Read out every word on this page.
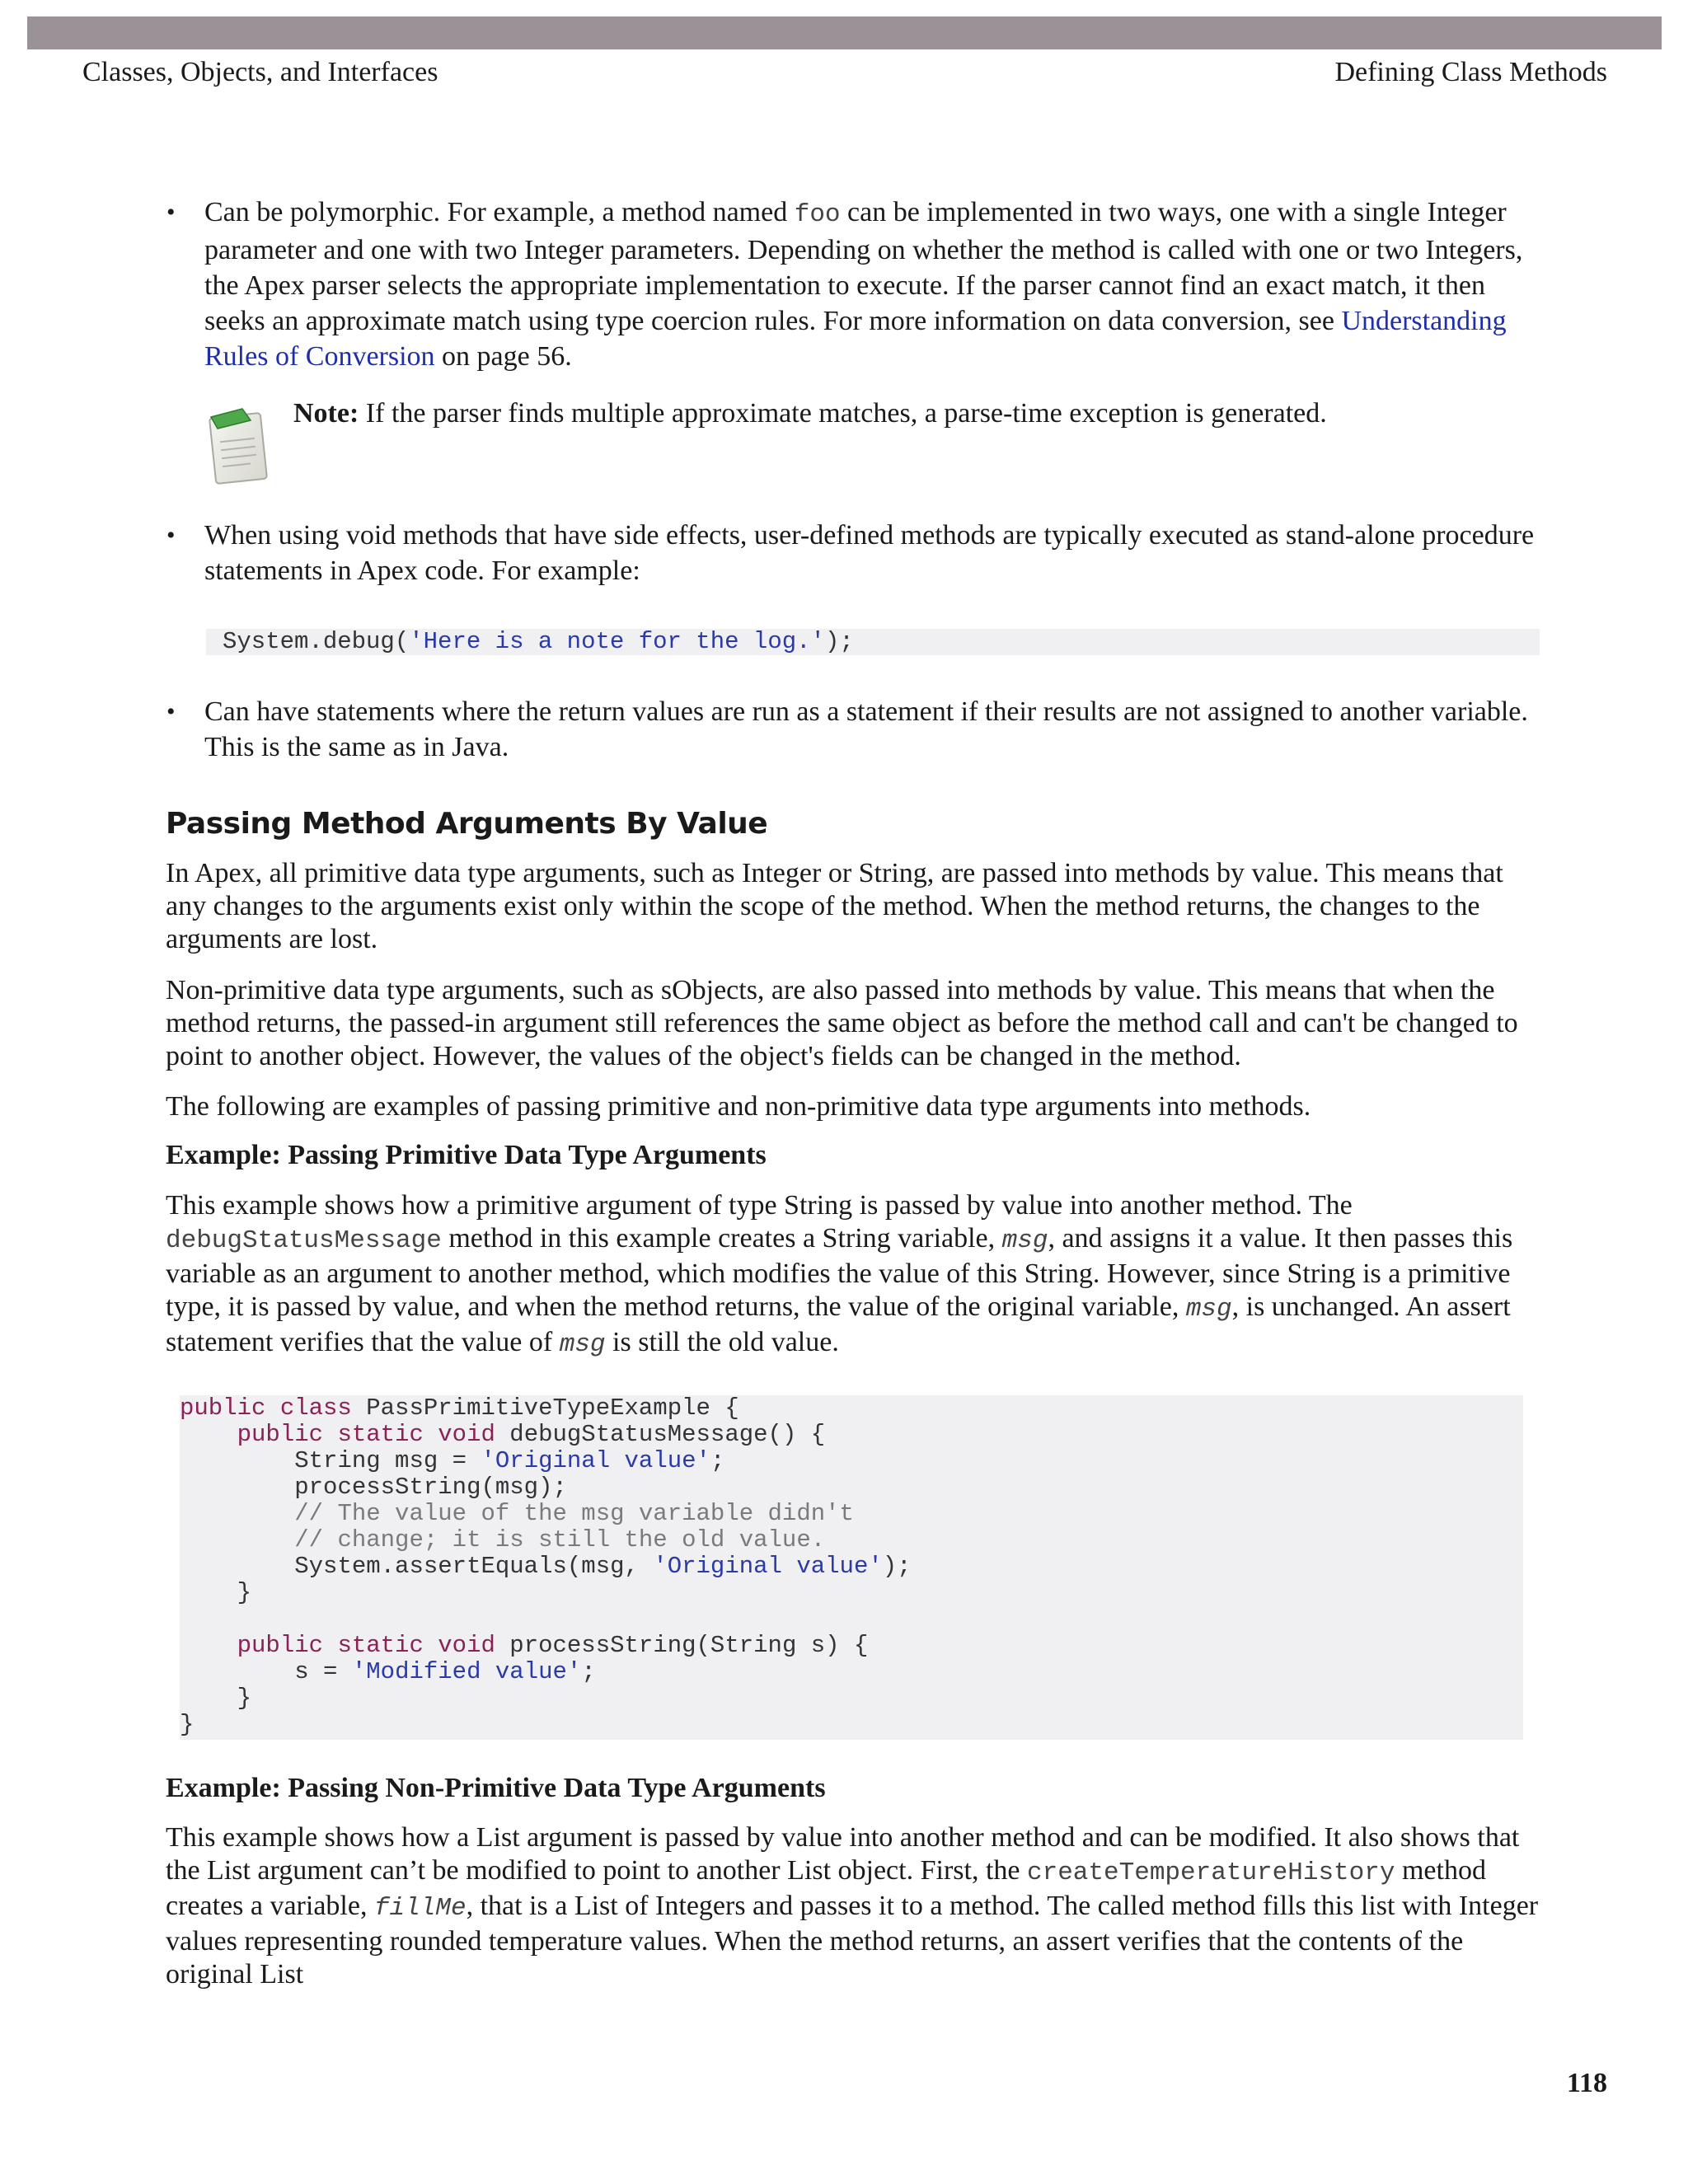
Classes, Objects, and Interfaces	Defining Class Methods
• Can be polymorphic. For example, a method named foo can be implemented in two ways, one with a single Integer parameter and one with two Integer parameters. Depending on whether the method is called with one or two Integers, the Apex parser selects the appropriate implementation to execute. If the parser cannot find an exact match, it then seeks an approximate match using type coercion rules. For more information on data conversion, see Understanding Rules of Conversion on page 56.
Note: If the parser finds multiple approximate matches, a parse-time exception is generated.
• When using void methods that have side effects, user-defined methods are typically executed as stand-alone procedure statements in Apex code. For example:
System.debug('Here is a note for the log.');
• Can have statements where the return values are run as a statement if their results are not assigned to another variable. This is the same as in Java.
Passing Method Arguments By Value

In Apex, all primitive data type arguments, such as Integer or String, are passed into methods by value. This means that any changes to the arguments exist only within the scope of the method. When the method returns, the changes to the arguments are lost.

Non-primitive data type arguments, such as sObjects, are also passed into methods by value. This means that when the method returns, the passed-in argument still references the same object as before the method call and can't be changed to point to another object. However, the values of the object's fields can be changed in the method.

The following are examples of passing primitive and non-primitive data type arguments into methods.

Example: Passing Primitive Data Type Arguments

This example shows how a primitive argument of type String is passed by value into another method. The debugStatusMessage method in this example creates a String variable, msg, and assigns it a value. It then passes this variable as an argument to another method, which modifies the value of this String. However, since String is a primitive type, it is passed by value, and when the method returns, the value of the original variable, msg, is unchanged. An assert statement verifies that the value of msg is still the old value.

public class PassPrimitiveTypeExample {
public static void debugStatusMessage() {
String msg = 'Original value';
processString(msg);
// The value of the msg variable didn't
// change; it is still the old value.
System.assertEquals(msg, 'Original value');
}
public static void processString(String s) {
s = 'Modified value';
}
}
Example: Passing Non-Primitive Data Type Arguments

This example shows how a List argument is passed by value into another method and can be modified. It also shows that the List argument can’t be modified to point to another List object. First, the createTemperatureHistory method creates a variable, fillMe, that is a List of Integers and passes it to a method. The called method fills this list with Integer values representing rounded temperature values. When the method returns, an assert verifies that the contents of the original List

118
